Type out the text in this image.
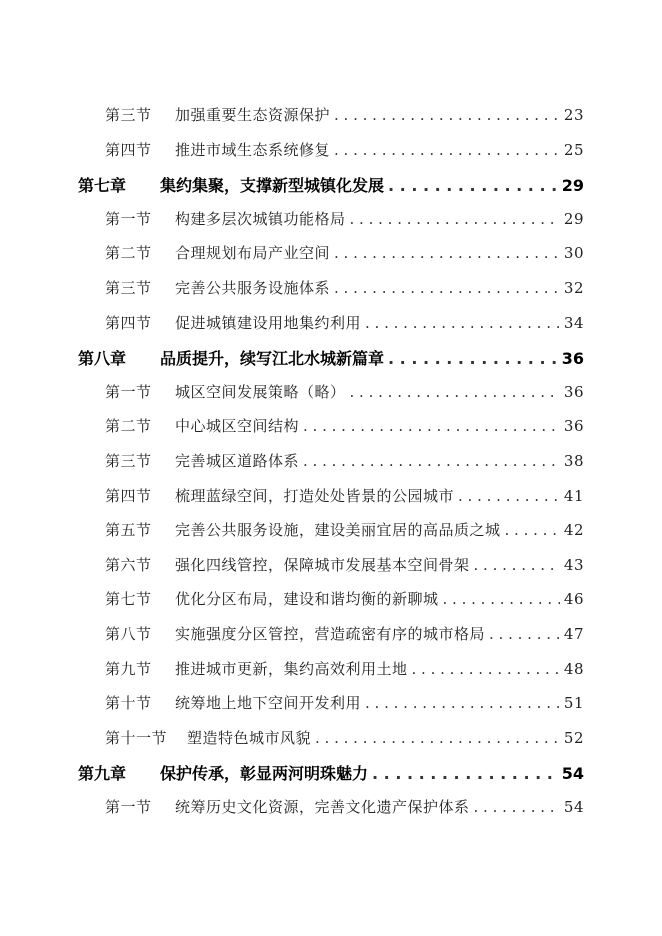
第三节	加强重要生态资源保护 . . .	23
第四节	推进市域生态系统修复 . . .	25
第七章	集约集聚，支撑新型城镇化发展 . . .	29
第一节	构建多层次城镇功能格局 . . .	29
第二节	合理规划布局产业空间 . . .	30
第三节	完善公共服务设施体系 . . .	32
第四节	促进城镇建设用地集约利用 . . .	34
第八章	品质提升，续写江北水城新篇章 . . .	36
第一节	城区空间发展策略（略） . . .	36
第二节	中心城区空间结构 . . .	36
第三节	完善城区道路体系 . . .	38
第四节	梳理蓝绿空间，打造处处皆景的公园城市 . . .	41
第五节	完善公共服务设施，建设美丽宜居的高品质之城 . . .	42
第六节	强化四线管控，保障城市发展基本空间骨架 . . .	43
第七节	优化分区布局，建设和谐均衡的新聊城 . . .	46
第八节	实施强度分区管控，营造疏密有序的城市格局 . . .	47
第九节	推进城市更新，集约高效利用土地 . . .	48
第十节	统筹地上地下空间开发利用 . . .	51
第十一节	塑造特色城市风貌 . . .	52
第九章	保护传承，彰显两河明珠魅力 . . .	54
第一节	统筹历史文化资源，完善文化遗产保护体系 . . .	54
